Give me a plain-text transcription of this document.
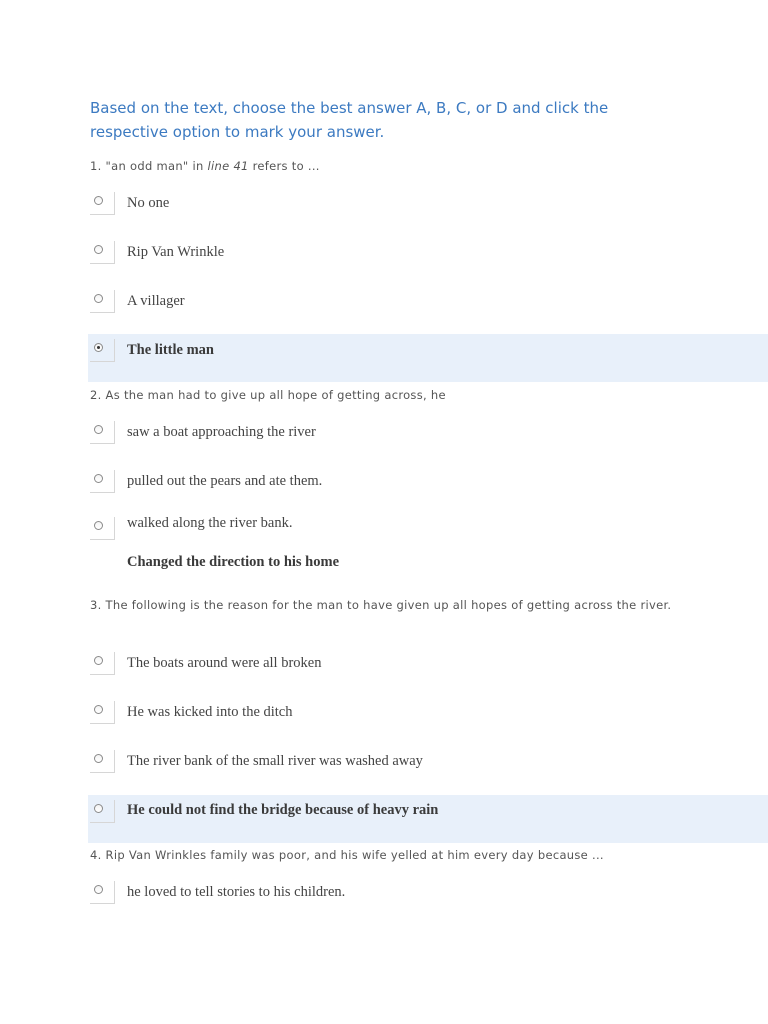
Based on the text, choose the best answer A, B, C, or D and click the respective option to mark your answer.

1. "an odd man" in line 41 refers to ...

No one
Rip Van Wrinkle
A villager
The little man

2. As the man had to give up all hope of getting across, he

saw a boat approaching the river
pulled out the pears and ate them.
walked along the river bank.
Changed the direction to his home

3. The following is the reason for the man to have given up all hopes of getting across the river.

The boats around were all broken
He was kicked into the ditch
The river bank of the small river was washed away
He could not find the bridge because of heavy rain

4. Rip Van Wrinkles family was poor, and his wife yelled at him every day because ...

he loved to tell stories to his children.
